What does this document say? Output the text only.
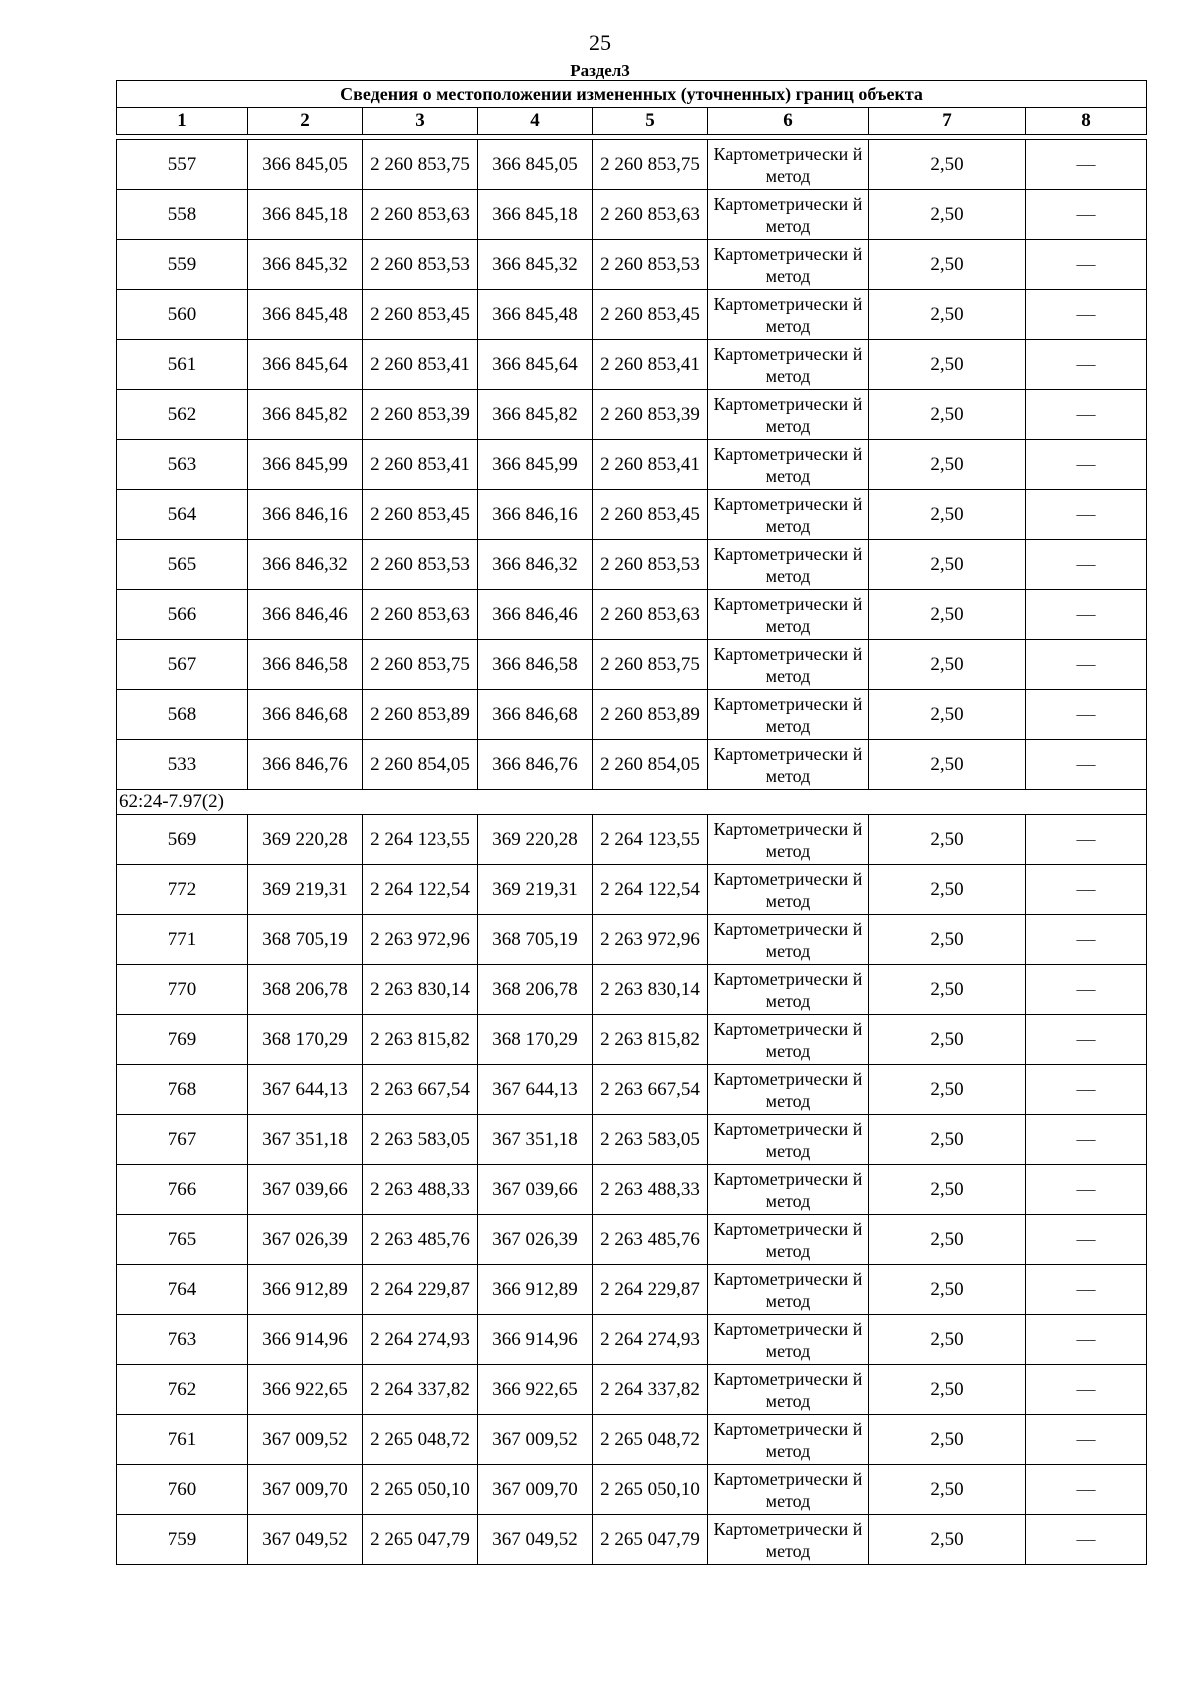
25
Раздел3
Сведения о местоположении измененных (уточненных) границ объекта							
1	2	3	4	5	6	7	8

557	366 845,05	2 260 853,75	366 845,05	2 260 853,75	Картометрически й метод	2,50	—
558	366 845,18	2 260 853,63	366 845,18	2 260 853,63	Картометрически й метод	2,50	—
559	366 845,32	2 260 853,53	366 845,32	2 260 853,53	Картометрически й метод	2,50	—
560	366 845,48	2 260 853,45	366 845,48	2 260 853,45	Картометрически й метод	2,50	—
561	366 845,64	2 260 853,41	366 845,64	2 260 853,41	Картометрически й метод	2,50	—
562	366 845,82	2 260 853,39	366 845,82	2 260 853,39	Картометрически й метод	2,50	—
563	366 845,99	2 260 853,41	366 845,99	2 260 853,41	Картометрически й метод	2,50	—
564	366 846,16	2 260 853,45	366 846,16	2 260 853,45	Картометрически й метод	2,50	—
565	366 846,32	2 260 853,53	366 846,32	2 260 853,53	Картометрически й метод	2,50	—
566	366 846,46	2 260 853,63	366 846,46	2 260 853,63	Картометрически й метод	2,50	—
567	366 846,58	2 260 853,75	366 846,58	2 260 853,75	Картометрически й метод	2,50	—
568	366 846,68	2 260 853,89	366 846,68	2 260 853,89	Картометрически й метод	2,50	—
533	366 846,76	2 260 854,05	366 846,76	2 260 854,05	Картометрически й метод	2,50	—
62:24-7.97(2)							
569	369 220,28	2 264 123,55	369 220,28	2 264 123,55	Картометрически й метод	2,50	—
772	369 219,31	2 264 122,54	369 219,31	2 264 122,54	Картометрически й метод	2,50	—
771	368 705,19	2 263 972,96	368 705,19	2 263 972,96	Картометрически й метод	2,50	—
770	368 206,78	2 263 830,14	368 206,78	2 263 830,14	Картометрически й метод	2,50	—
769	368 170,29	2 263 815,82	368 170,29	2 263 815,82	Картометрически й метод	2,50	—
768	367 644,13	2 263 667,54	367 644,13	2 263 667,54	Картометрически й метод	2,50	—
767	367 351,18	2 263 583,05	367 351,18	2 263 583,05	Картометрически й метод	2,50	—
766	367 039,66	2 263 488,33	367 039,66	2 263 488,33	Картометрически й метод	2,50	—
765	367 026,39	2 263 485,76	367 026,39	2 263 485,76	Картометрически й метод	2,50	—
764	366 912,89	2 264 229,87	366 912,89	2 264 229,87	Картометрически й метод	2,50	—
763	366 914,96	2 264 274,93	366 914,96	2 264 274,93	Картометрически й метод	2,50	—
762	366 922,65	2 264 337,82	366 922,65	2 264 337,82	Картометрически й метод	2,50	—
761	367 009,52	2 265 048,72	367 009,52	2 265 048,72	Картометрически й метод	2,50	—
760	367 009,70	2 265 050,10	367 009,70	2 265 050,10	Картометрически й метод	2,50	—
759	367 049,52	2 265 047,79	367 049,52	2 265 047,79	Картометрически й метод	2,50	—
